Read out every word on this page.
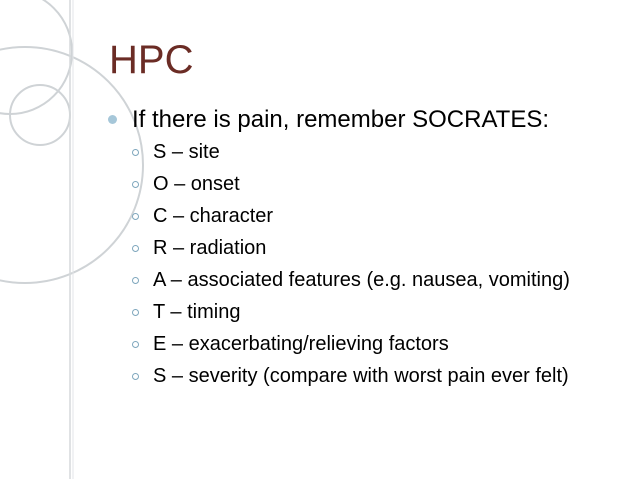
HPC
If there is pain, remember SOCRATES:
S – site
O – onset
C – character
R – radiation
A – associated features (e.g. nausea, vomiting)
T – timing
E – exacerbating/relieving factors
S – severity (compare with worst pain ever felt)
